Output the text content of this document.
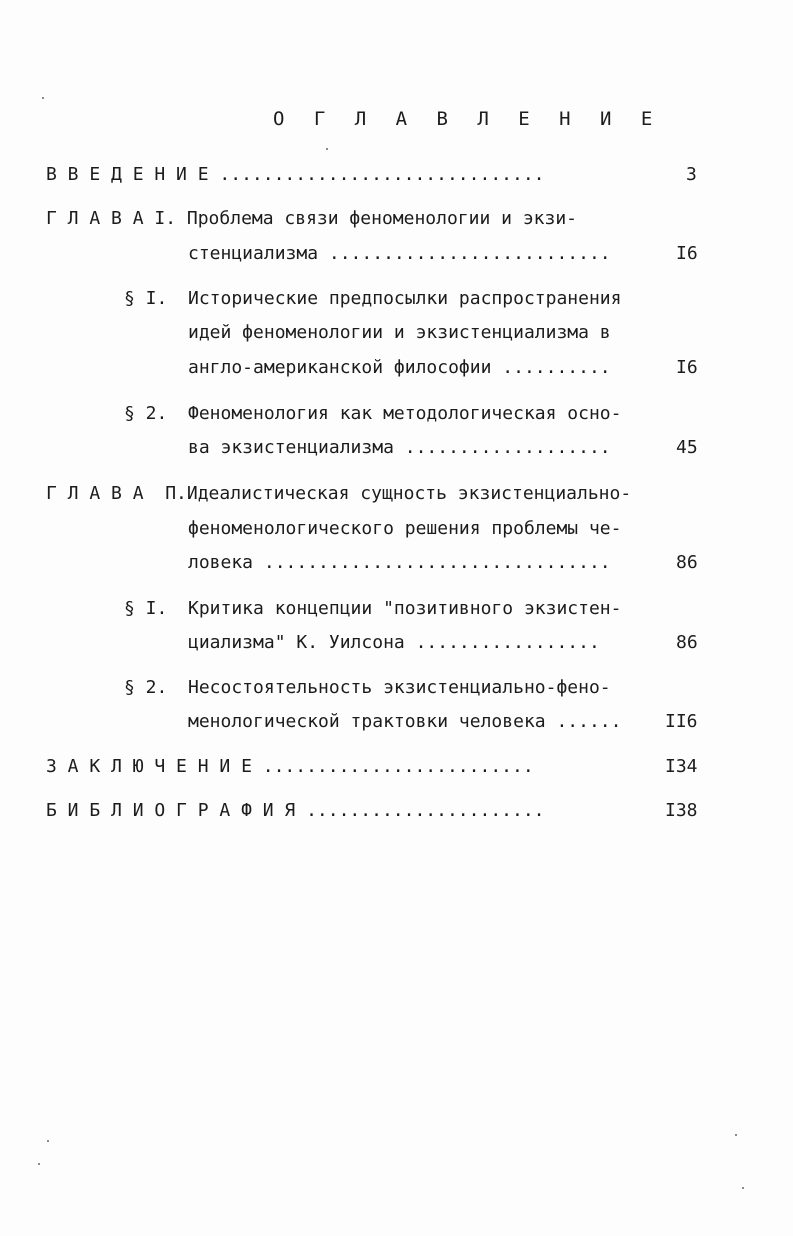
О Г Л А В Л Е Н И Е
В В Е Д Е Н И Е ..............................	3
Г Л А В А I. Проблема связи феноменологии и экзи-
стенциализма ..........................	I6
§ I. Исторические предпосылки распространения
идей феноменологии и экзистенциализма в
англо-американской философии ..........	I6
§ 2. Феноменология как методологическая осно-
ва экзистенциализма ...................	45
Г Л А В А  П.Идеалистическая сущность экзистенциально-
феноменологического решения проблемы че-
ловека ................................	86
§ I. Критика концепции "позитивного экзистен-
циализма" К. Уилсона .................	86
§ 2. Несостоятельность экзистенциально-фено-
менологической трактовки человека ...... II6
З А К Л Ю Ч Е Н И Е .........................	I34
Б И Б Л И О Г Р А Ф И Я ......................	I38
